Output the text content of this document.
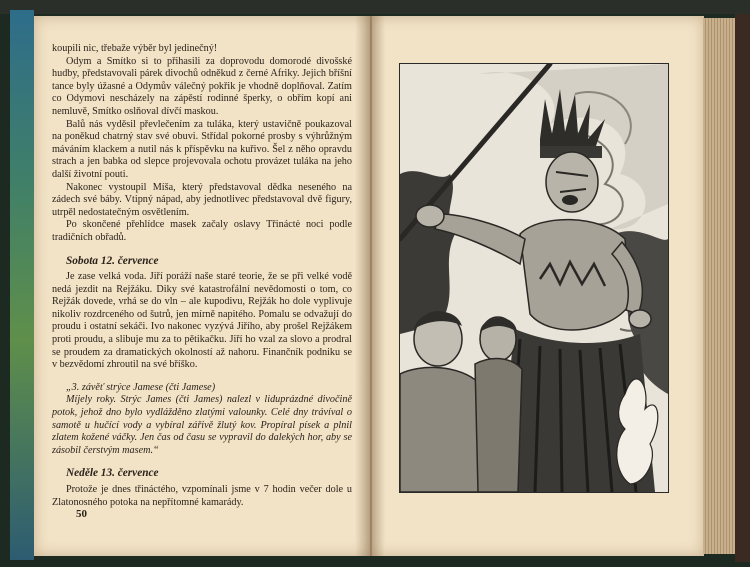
koupili nic, třebaže výběr byl jedinečný!

Odym a Smítko si to přihasili za doprovodu domorodé divošské hudby, představovali párek divochů odněkud z černé Afriky. Jejich bříšní tance byly úžasné a Odymův válečný pokřik je vhodně doplňoval. Zatím co Odymovi nescházely na zápěstí rodinné šperky, o obřím kopí ani nemluvě, Smítko oslňoval dívčí maskou.

Balů nás vyděsil převlečením za tuláka, který ustavičně poukazoval na poněkud chatrný stav své obuvi. Střídal pokorné prosby s výhrůžným máváním klackem a nutil nás k příspěvku na kuřivo. Šel z něho opravdu strach a jen babka od slepce projevovala ochotu provázet tuláka na jeho další životní pouti.

Nakonec vystoupil Míša, který představoval dědka neseného na zádech své báby. Vtipný nápad, aby jednotlivec představoval dvě figury, utrpěl nedostatečným osvětlením.

Po skončené přehlídce masek začaly oslavy Třináctė noci podle tradičních obřadů.

Sobota 12. července

Je zase velká voda. Jiří poráží naše staré teorie, že se při velké vodě nedá jezdit na Rejžáku. Diky své katastrofální nevědomosti o tom, co Rejžák dovede, vrhá se do vln – ale kupodivu, Rejžák ho dole vyplivuje nikoliv rozdrceného od šutrů, jen mírně napitého. Pomalu se odvažují do proudu i ostatní sekáči. Ivo nakonec vyzývá Jiřího, aby prošel Rejžákem proti proudu, a slibuje mu za to pětikačku. Jiří ho vzal za slovo a prodral se proudem za dramatických okolností až nahoru. Finančník podniku se v bezvědomí zhroutil na své bříško.

„3. závěť strýce Jamese (čti Jamese)

Míjely roky. Strýc James (čti James) nalezl v liduprázdné divočině potok, jehož dno bylo vydlážděno zlatými valounky. Celé dny trávíval o samotě u hučící vody a vybíral zářivě žlutý kov. Propíral písek a plnil zlatem kožené váčky. Jen čas od času se vypravil do dalekých hor, aby se zásobil čerstvým masem.“

Neděle 13. července

Protože je dnes třináctého, vzpomínali jsme v 7 hodin večer dole u Zlatonosného potoka na nepřítomné kamarády.

50
